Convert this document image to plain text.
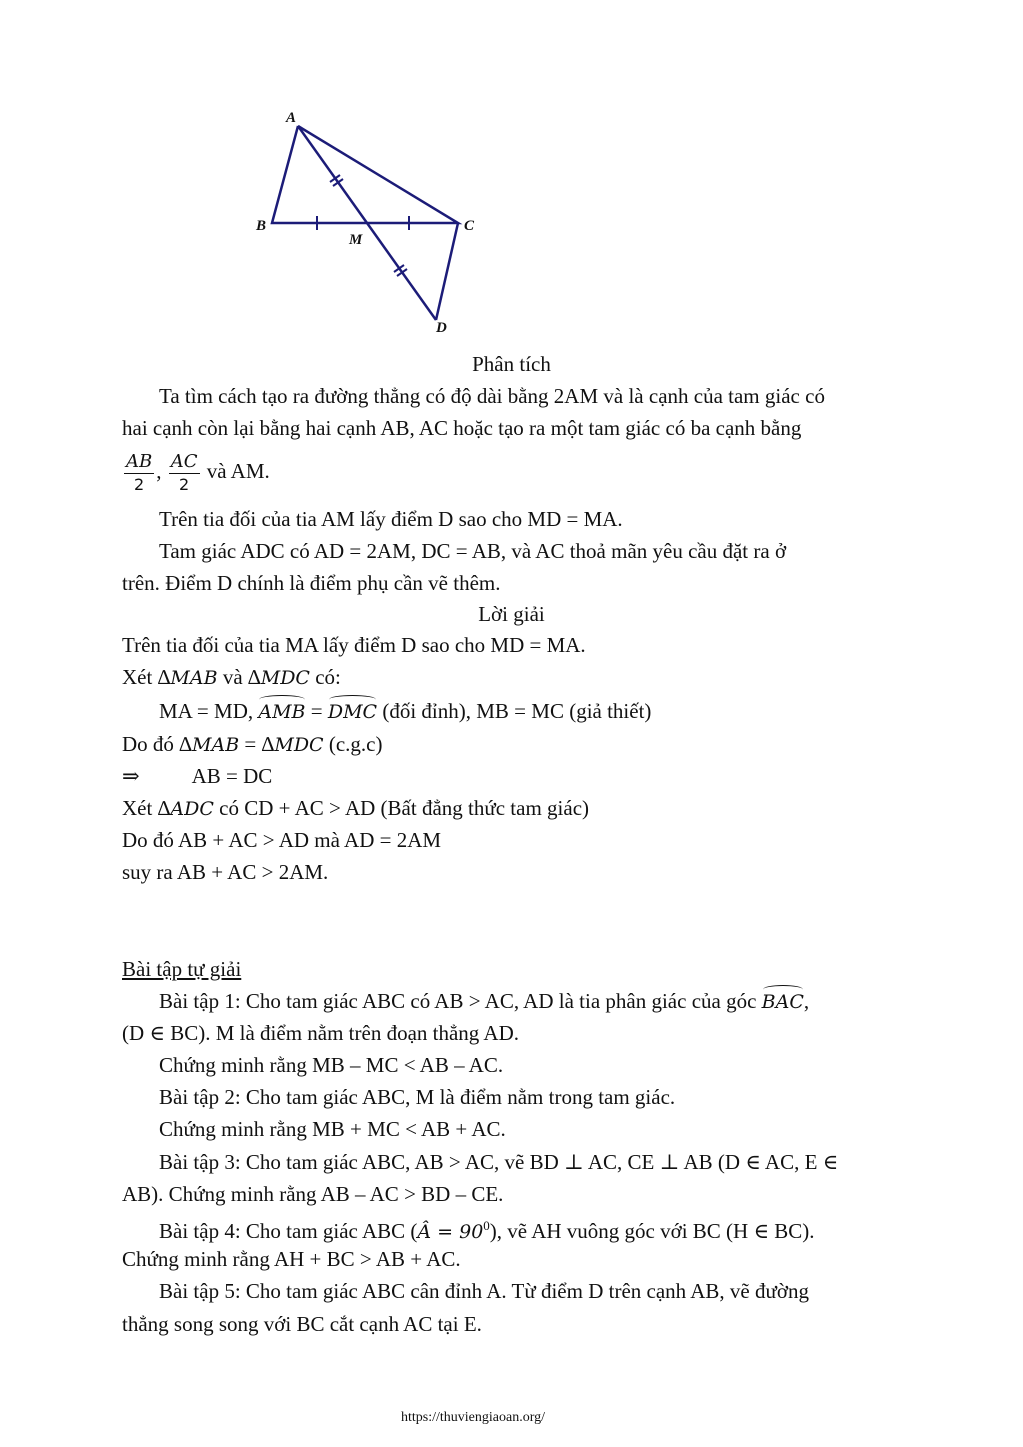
A
B	C
M
D
Phân tích
Ta tìm cách tạo ra đường thẳng có độ dài bằng 2AM và là cạnh của tam giác có
hai cạnh còn lại bằng hai cạnh AB, AC hoặc tạo ra một tam giác có ba cạnh bằng
$\frac{AB}{2}$ , $\frac{AC}{2}$ và AM.
Trên tia đối của tia AM lấy điểm D sao cho MD = MA.
Tam giác ADC có AD = 2AM, DC = AB, và AC thoả mãn yêu cầu đặt ra ở
trên. Điểm D chính là điểm phụ cần vẽ thêm.
Lời giải
Trên tia đối của tia MA lấy điểm D sao cho MD = MA.
Xét ∆MAB và ∆MDC có:
MA = MD, AMB = DMC (đối đỉnh), MB = MC (giả thiết)
Do đó ∆MAB = ∆MDC (c.g.c)
⇒ AB = DC
Xét ∆ADC có CD + AC > AD (Bất đẳng thức tam giác)
Do đó AB + AC > AD mà AD = 2AM
suy ra AB + AC > 2AM.
Bài tập tự giải
Bài tập 1: Cho tam giác ABC có AB > AC, AD là tia phân giác của góc BAC,
(D ∈ BC). M là điểm nằm trên đoạn thẳng AD.
Chứng minh rằng MB – MC < AB – AC.
Bài tập 2: Cho tam giác ABC, M là điểm nằm trong tam giác.
Chứng minh rằng MB + MC < AB + AC.
Bài tập 3: Cho tam giác ABC, AB > AC, vẽ BD ⊥ AC, CE ⊥ AB (D ∈ AC, E ∈
AB). Chứng minh rằng AB – AC > BD – CE.
Bài tập 4: Cho tam giác ABC (Â = $90^0$), vẽ AH vuông góc với BC (H ∈ BC).
Chứng minh rằng AH + BC > AB + AC.
Bài tập 5: Cho tam giác ABC cân đỉnh A. Từ điểm D trên cạnh AB, vẽ đường
thẳng song song với BC cắt cạnh AC tại E.
https://thuviengiaoan.org/
